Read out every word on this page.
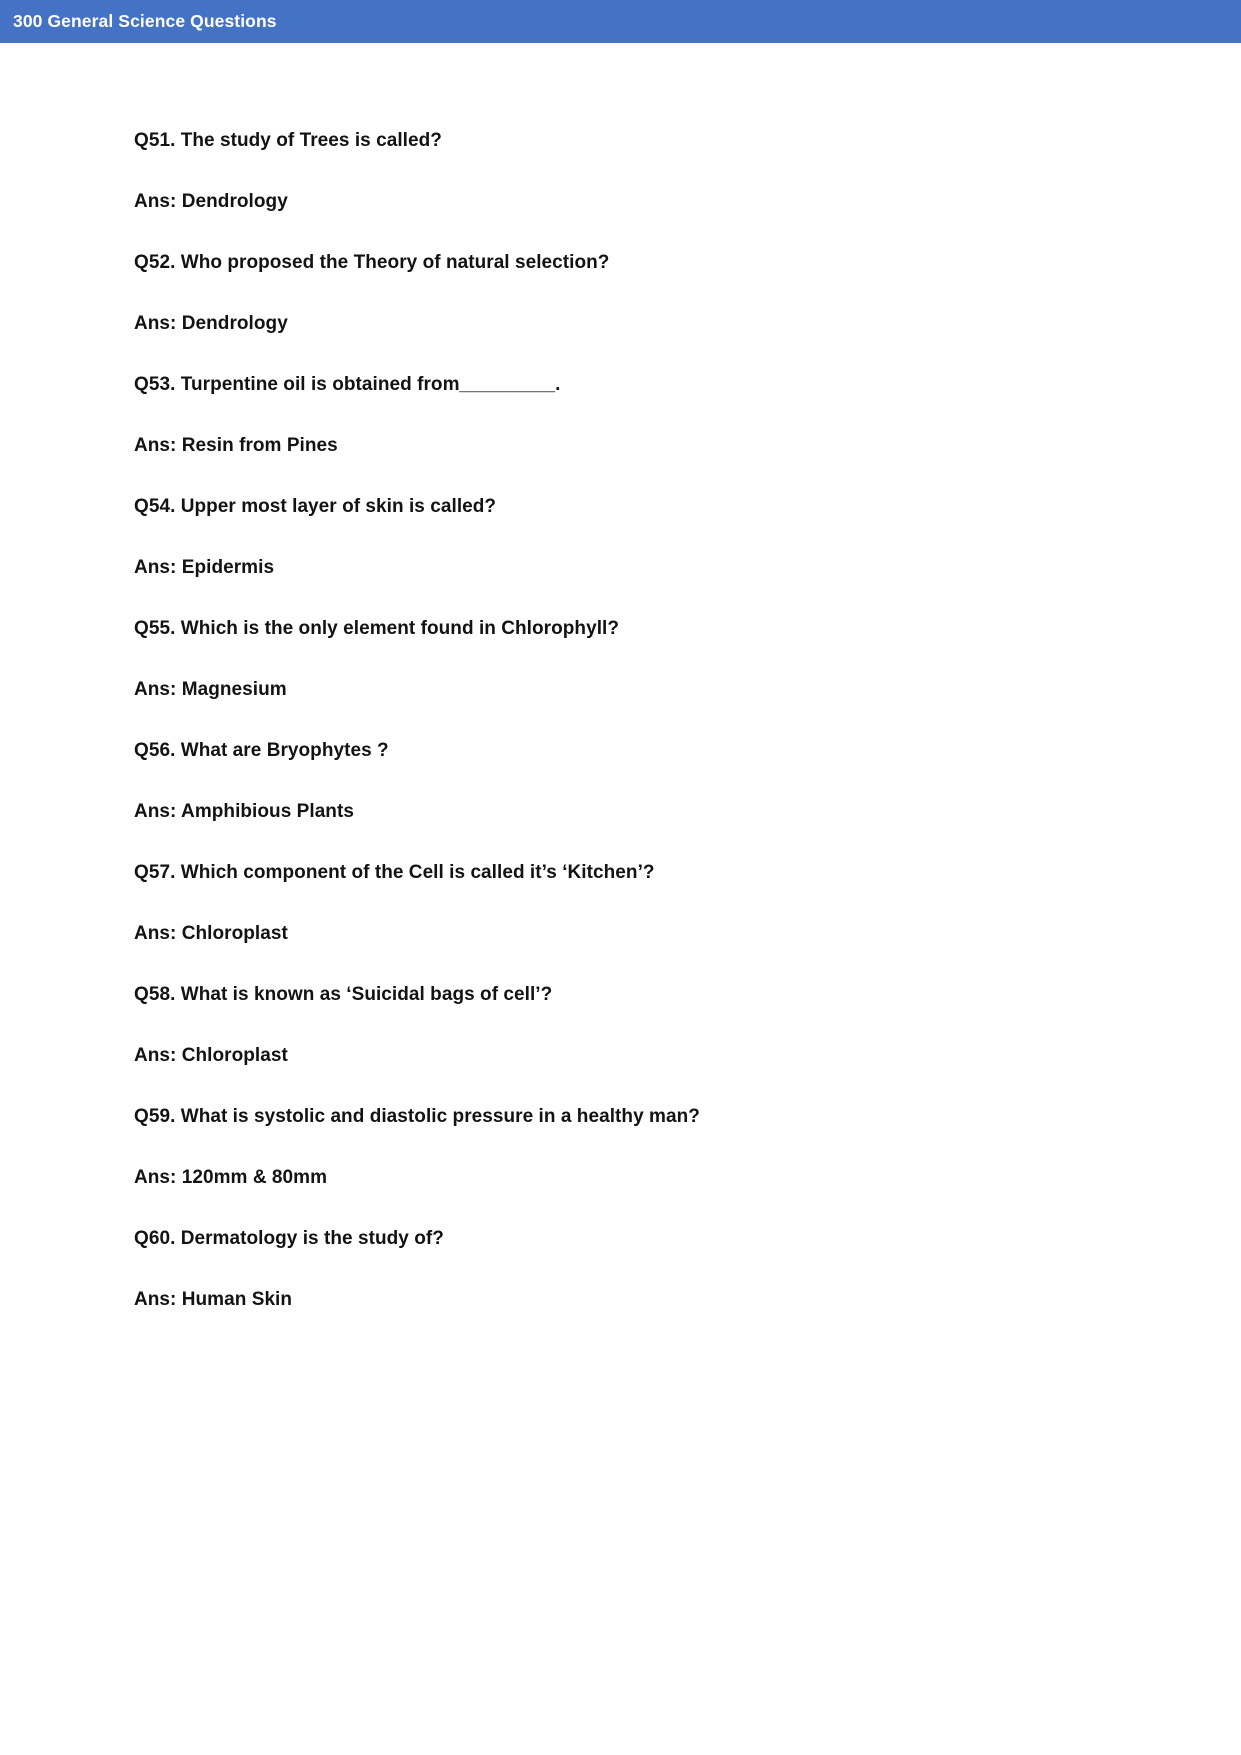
300 General Science Questions

Q51. The study of Trees is called?

Ans: Dendrology

Q52. Who proposed the Theory of natural selection?

Ans: Dendrology

Q53. Turpentine oil is obtained from_________.

Ans: Resin from Pines

Q54. Upper most layer of skin is called?

Ans: Epidermis

Q55. Which is the only element found in Chlorophyll?

Ans: Magnesium

Q56. What are Bryophytes ?

Ans: Amphibious Plants

Q57. Which component of the Cell is called it’s ‘Kitchen’?

Ans: Chloroplast

Q58. What is known as ‘Suicidal bags of cell’?

Ans: Chloroplast

Q59. What is systolic and diastolic pressure in a healthy man?

Ans: 120mm & 80mm

Q60. Dermatology is the study of?

Ans: Human Skin
